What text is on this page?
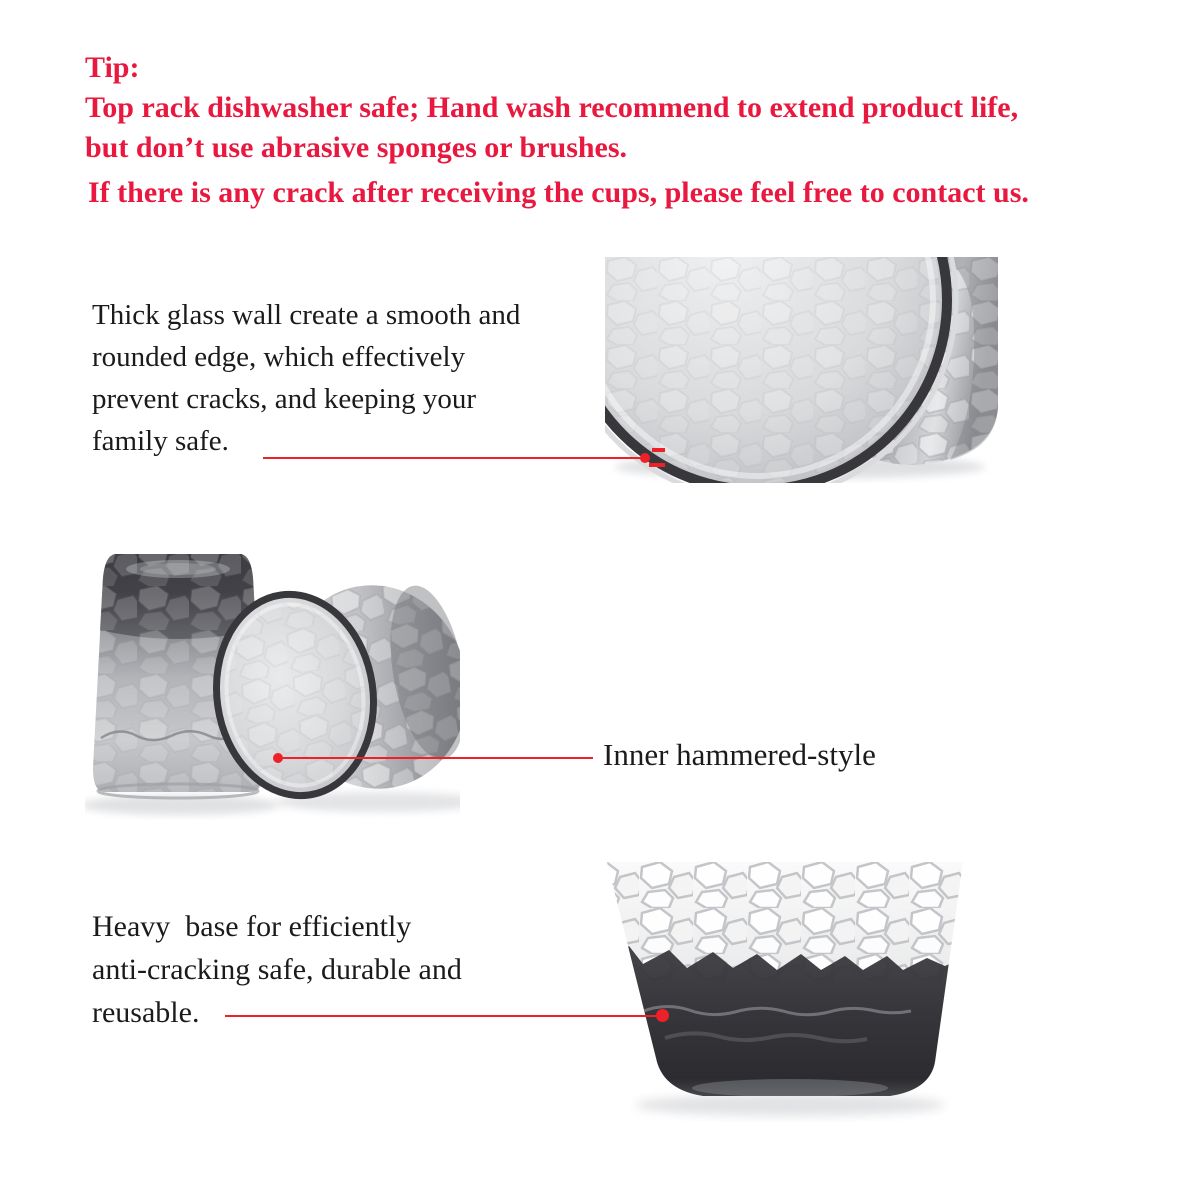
Tip:
Top rack dishwasher safe; Hand wash recommend to extend product life,
but don’t use abrasive sponges or brushes.
If there is any crack after receiving the cups, please feel free to contact us.
Thick glass wall create a smooth and
rounded edge, which effectively
prevent cracks, and keeping your
family safe.
Inner hammered-style
Heavy  base for efficiently
anti-cracking safe, durable and
reusable.
